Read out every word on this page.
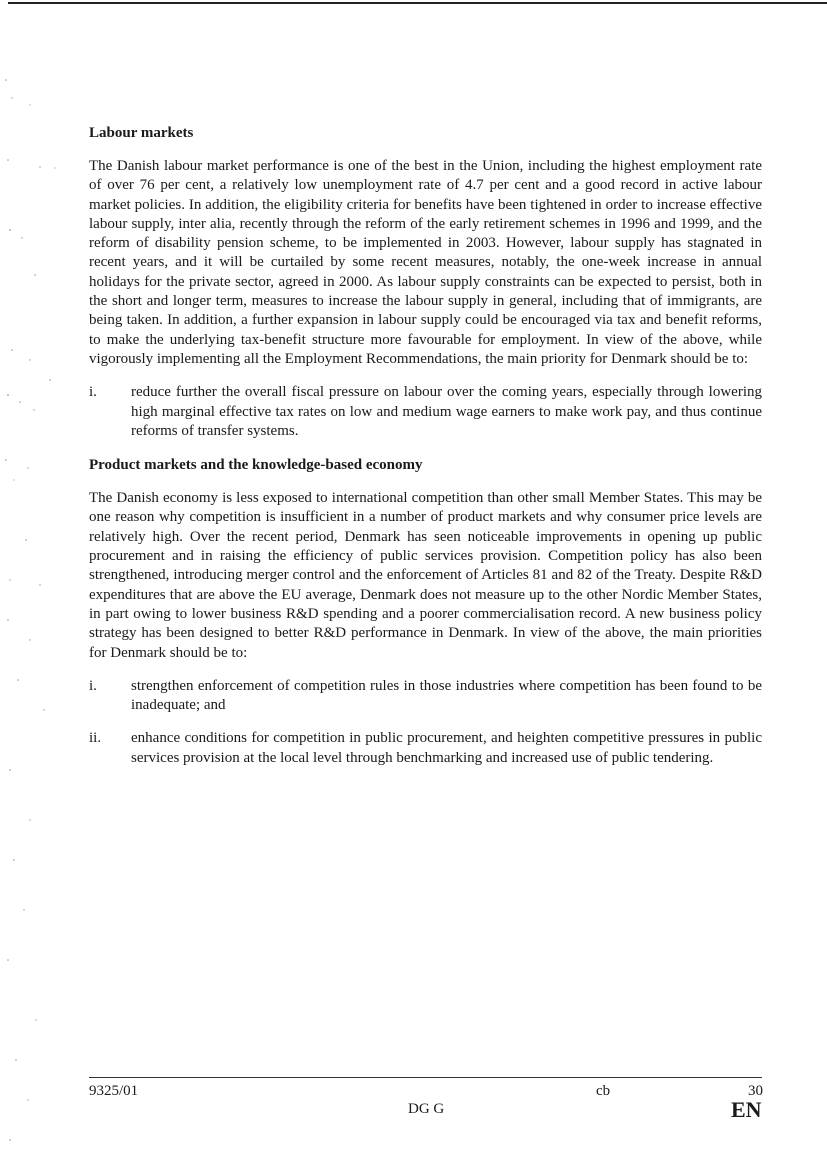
Labour markets

The Danish labour market performance is one of the best in the Union, including the highest employment rate of over 76 per cent, a relatively low unemployment rate of 4.7 per cent and a good record in active labour market policies. In addition, the eligibility criteria for benefits have been tightened in order to increase effective labour supply, inter alia, recently through the reform of the early retirement schemes in 1996 and 1999, and the reform of disability pension scheme, to be implemented in 2003. However, labour supply has stagnated in recent years, and it will be curtailed by some recent measures, notably, the one-week increase in annual holidays for the private sector, agreed in 2000. As labour supply constraints can be expected to persist, both in the short and longer term, measures to increase the labour supply in general, including that of immigrants, are being taken. In addition, a further expansion in labour supply could be encouraged via tax and benefit reforms, to make the underlying tax-benefit structure more favourable for employment. In view of the above, while vigorously implementing all the Employment Recommendations, the main priority for Denmark should be to:

i.	reduce further the overall fiscal pressure on labour over the coming years, especially through lowering high marginal effective tax rates on low and medium wage earners to make work pay, and thus continue reforms of transfer systems.
Product markets and the knowledge-based economy

The Danish economy is less exposed to international competition than other small Member States. This may be one reason why competition is insufficient in a number of product markets and why consumer price levels are relatively high. Over the recent period, Denmark has seen noticeable improvements in opening up public procurement and in raising the efficiency of public services provision. Competition policy has also been strengthened, introducing merger control and the enforcement of Articles 81 and 82 of the Treaty. Despite R&D expenditures that are above the EU average, Denmark does not measure up to the other Nordic Member States, in part owing to lower business R&D spending and a poorer commercialisation record. A new business policy strategy has been designed to better R&D performance in Denmark. In view of the above, the main priorities for Denmark should be to:

i.	strengthen enforcement of competition rules in those industries where competition has been found to be inadequate; and
ii.	enhance conditions for competition in public procurement, and heighten competitive pressures in public services provision at the local level through benchmarking and increased use of public tendering.
9325/01	cb	30
DG G	EN
